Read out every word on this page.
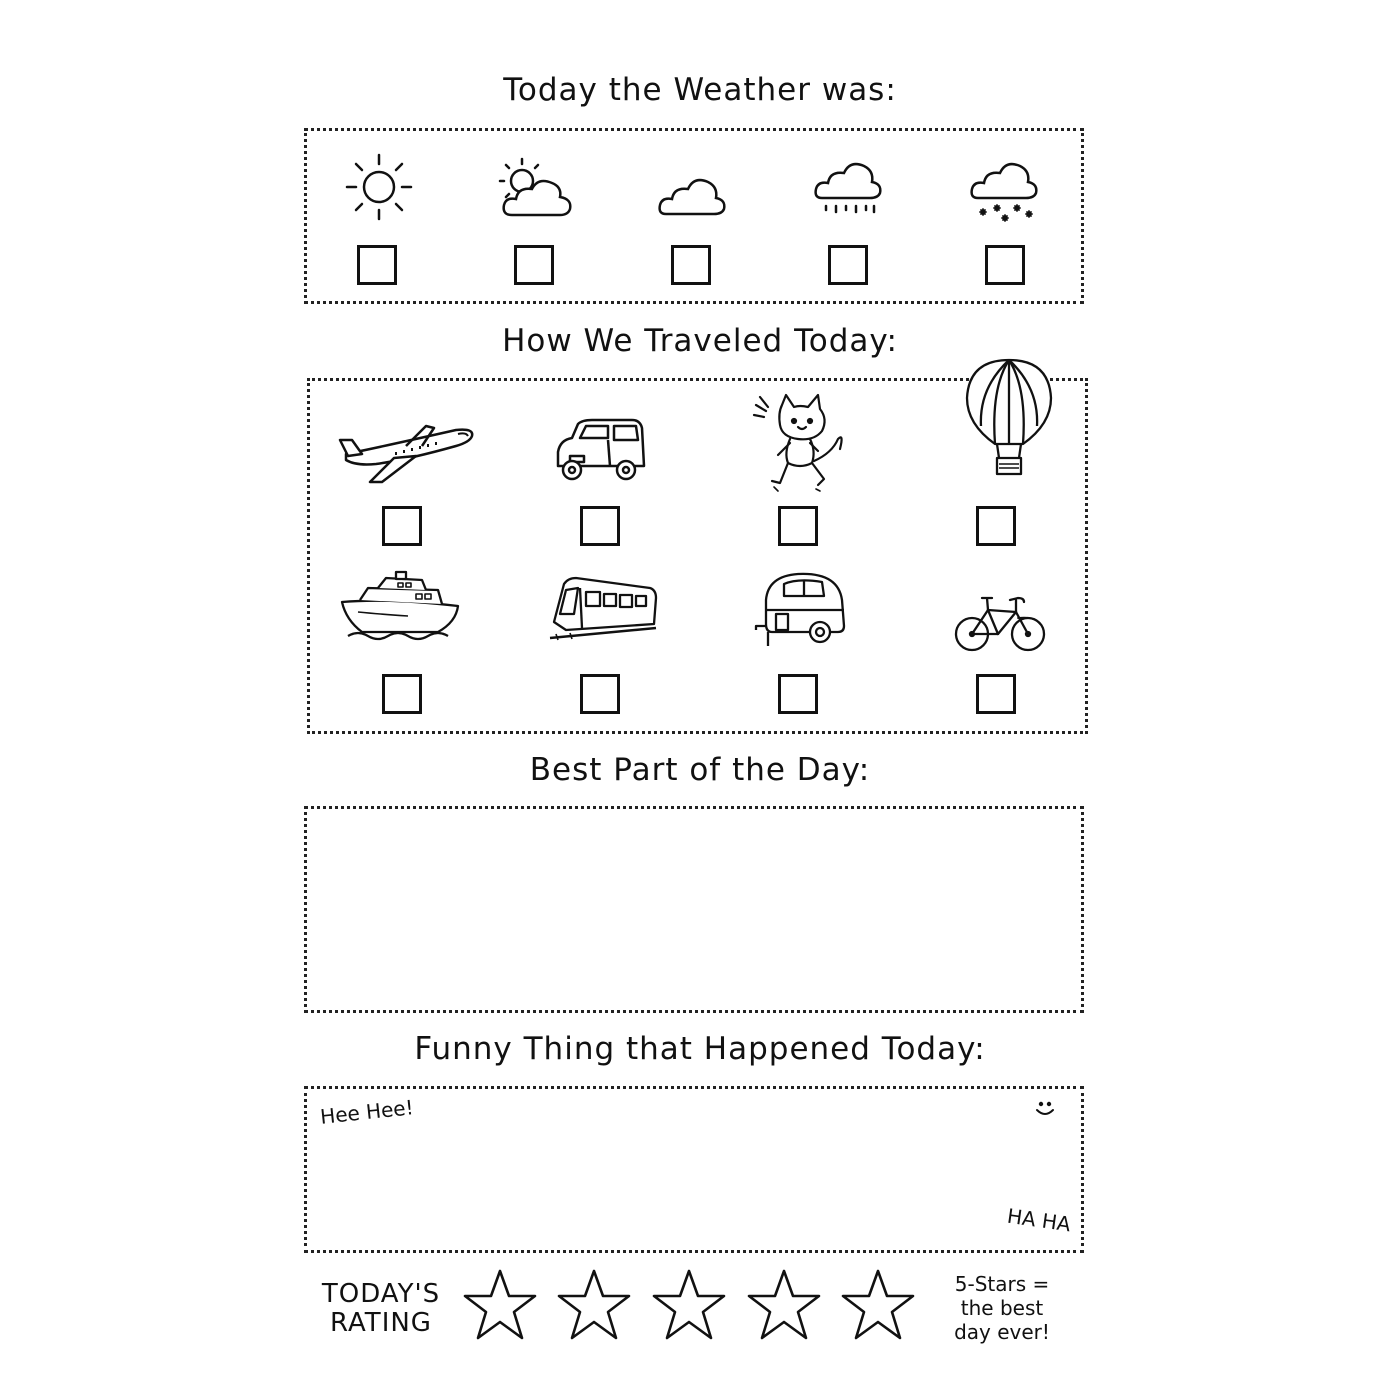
Today the Weather was:
How We Traveled Today:
Best Part of the Day:
Funny Thing that Happened Today:
Hee Hee!
HA HA
TODAY'S
RATING
5-Stars =
the best
day ever!
